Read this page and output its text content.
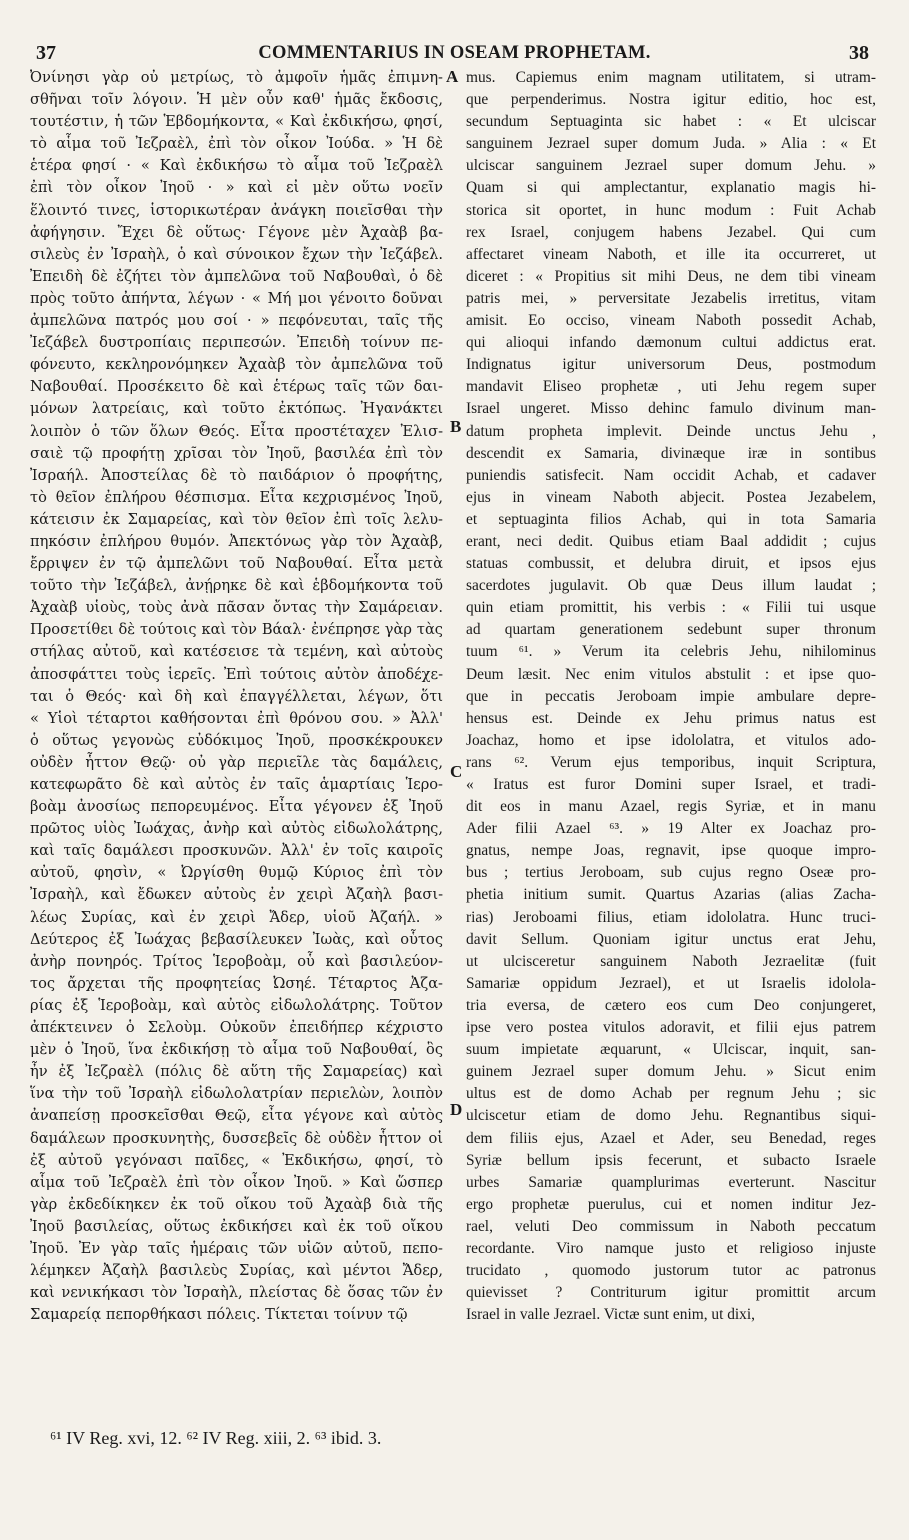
37	COMMENTARIUS IN OSEAM PROPHETAM.	38
Ὀνίνησι γὰρ οὐ μετρίως, τὸ ἀμφοῖν ἡμᾶς ἐπιμνη-
σθῆναι τοῖν λόγοιν. Ἡ μὲν οὖν καθ' ἡμᾶς ἔκδοσις,
τουτέστιν, ἡ τῶν Ἑβδομήκοντα, « Καὶ ἐκδικήσω, φησί,
τὸ αἷμα τοῦ Ἰεζραὲλ, ἐπὶ τὸν οἶκον Ἰούδα. » Ἡ δὲ
ἑτέρα φησί · « Καὶ ἐκδικήσω τὸ αἷμα τοῦ Ἰεζραὲλ
ἐπὶ τὸν οἶκον Ἰηοῦ · » καὶ εἰ μὲν οὕτω νοεῖν
ἕλοιντό τινες, ἱστορικωτέραν ἀνάγκη ποιεῖσθαι τὴν
ἀφήγησιν. Ἔχει δὲ οὕτως· Γέγονε μὲν Ἀχαὰβ βα-
σιλεὺς ἐν Ἰσραὴλ, ὁ καὶ σύνοικον ἔχων τὴν Ἰεζάβελ.
Ἐπειδὴ δὲ ἐζήτει τὸν ἀμπελῶνα τοῦ Ναβουθαὶ, ὁ δὲ
πρὸς τοῦτο ἀπήντα, λέγων · « Μή μοι γένοιτο δοῦναι
ἀμπελῶνα πατρός μου σοί · » πεφόνευται, ταῖς τῆς
Ἰεζάβελ δυστροπίαις περιπεσών. Ἐπειδὴ τοίνυν πε-
φόνευτο, κεκληρονόμηκεν Ἀχαὰβ τὸν ἀμπελῶνα τοῦ
Ναβουθαί. Προσέκειτο δὲ καὶ ἑτέρως ταῖς τῶν δαι-
μόνων λατρείαις, καὶ τοῦτο ἐκτόπως. Ἠγανάκτει
λοιπὸν ὁ τῶν ὅλων Θεός. Εἶτα προστέταχεν Ἐλισ-
σαιὲ τῷ προφήτῃ χρῖσαι τὸν Ἰηοῦ, βασιλέα ἐπὶ τὸν
Ἰσραήλ. Ἀποστείλας δὲ τὸ παιδάριον ὁ προφήτης,
τὸ θεῖον ἐπλήρου θέσπισμα. Εἶτα κεχρισμένος Ἰηοῦ,
κάτεισιν ἐκ Σαμαρείας, καὶ τὸν θεῖον ἐπὶ τοῖς λελυ-
πηκόσιν ἐπλήρου θυμόν. Ἀπεκτόνως γὰρ τὸν Ἀχαὰβ,
ἔρριψεν ἐν τῷ ἀμπελῶνι τοῦ Ναβουθαί. Εἶτα μετὰ
τοῦτο τὴν Ἰεζάβελ, ἀνῄρηκε δὲ καὶ ἑβδομήκοντα τοῦ
Ἀχαὰβ υἱοὺς, τοὺς ἀνὰ πᾶσαν ὄντας τὴν Σαμάρειαν.
Προσετίθει δὲ τούτοις καὶ τὸν Βάαλ· ἐνέπρησε γὰρ τὰς
στήλας αὐτοῦ, καὶ κατέσεισε τὰ τεμένη, καὶ αὐτοὺς
ἀποσφάττει τοὺς ἱερεῖς. Ἐπὶ τούτοις αὐτὸν ἀποδέχε-
ται ὁ Θεός· καὶ δὴ καὶ ἐπαγγέλλεται, λέγων, ὅτι
« Υἱοὶ τέταρτοι καθήσονται ἐπὶ θρόνου σου. » Ἀλλ'
ὁ οὕτως γεγονὼς εὐδόκιμος Ἰηοῦ, προσκέκρουκεν
οὐδὲν ἧττον Θεῷ· οὐ γὰρ περιεῖλε τὰς δαμάλεις,
κατεφωρᾶτο δὲ καὶ αὐτὸς ἐν ταῖς ἁμαρτίαις Ἱερο-
βοὰμ ἀνοσίως πεπορευμένος. Εἶτα γέγονεν ἐξ Ἰηοῦ
πρῶτος υἱὸς Ἰωάχας, ἀνὴρ καὶ αὐτὸς εἰδωλολάτρης,
καὶ ταῖς δαμάλεσι προσκυνῶν. Ἀλλ' ἐν τοῖς καιροῖς
αὐτοῦ, φησὶν, « Ὠργίσθη θυμῷ Κύριος ἐπὶ τὸν
Ἰσραὴλ, καὶ ἔδωκεν αὐτοὺς ἐν χειρὶ Ἀζαὴλ βασι-
λέως Συρίας, καὶ ἐν χειρὶ Ἄδερ, υἱοῦ Ἀζαήλ. »
Δεύτερος ἐξ Ἰωάχας βεβασίλευκεν Ἰωὰς, καὶ οὗτος
ἀνὴρ πονηρός. Τρίτος Ἱεροβοὰμ, οὗ καὶ βασιλεύον-
τος ἄρχεται τῆς προφητείας Ὠσηέ. Τέταρτος Ἀζα-
ρίας ἐξ Ἱεροβοὰμ, καὶ αὐτὸς εἰδωλολάτρης. Τοῦτον
ἀπέκτεινεν ὁ Σελοὺμ. Οὐκοῦν ἐπειδήπερ κέχριστο
μὲν ὁ Ἰηοῦ, ἵνα ἐκδικήσῃ τὸ αἷμα τοῦ Ναβουθαί, ὃς
ἦν ἐξ Ἰεζραὲλ (πόλις δὲ αὕτη τῆς Σαμαρείας) καὶ
ἵνα τὴν τοῦ Ἰσραὴλ εἰδωλολατρίαν περιελὼν, λοιπὸν
ἀναπείσῃ προσκεῖσθαι Θεῷ, εἶτα γέγονε καὶ αὐτὸς
δαμάλεων προσκυνητὴς, δυσσεβεῖς δὲ οὐδὲν ἧττον οἱ
ἐξ αὐτοῦ γεγόνασι παῖδες, « Ἐκδικήσω, φησί, τὸ
αἷμα τοῦ Ἰεζραὲλ ἐπὶ τὸν οἶκον Ἰηοῦ. » Καὶ ὥσπερ
γὰρ ἐκδεδίκηκεν ἐκ τοῦ οἴκου τοῦ Ἀχαὰβ διὰ τῆς
Ἰηοῦ βασιλείας, οὕτως ἐκδικήσει καὶ ἐκ τοῦ οἴκου
Ἰηοῦ. Ἐν γὰρ ταῖς ἡμέραις τῶν υἱῶν αὐτοῦ, πεπο-
λέμηκεν Ἀζαὴλ βασιλεὺς Συρίας, καὶ μέντοι Ἄδερ,
καὶ νενικήκασι τὸν Ἰσραὴλ, πλείστας δὲ ὅσας τῶν ἐν
Σαμαρείᾳ πεπορθήκασι πόλεις. Τίκτεται τοίνυν τῷ
mus. Capiemus enim magnam utilitatem, si utram-
que perpenderimus. Nostra igitur editio, hoc est,
secundum Septuaginta sic habet : « Et ulciscar
sanguinem Jezrael super domum Juda. » Alia : « Et
ulciscar sanguinem Jezrael super domum Jehu. »
Quam si qui amplectantur, explanatio magis hi-
storica sit oportet, in hunc modum : Fuit Achab
rex Israel, conjugem habens Jezabel. Qui cum
affectaret vineam Naboth, et ille ita occurreret, ut
diceret : « Propitius sit mihi Deus, ne dem tibi vineam
patris mei, » perversitate Jezabelis irretitus, vitam
amisit. Eo occiso, vineam Naboth possedit Achab,
qui alioqui infando dæmonum cultui addictus erat.
Indignatus igitur universorum Deus, postmodum
mandavit Eliseo prophetæ , uti Jehu regem super
Israel ungeret. Misso dehinc famulo divinum man-
datum propheta implevit. Deinde unctus Jehu ,
descendit ex Samaria, divinæque iræ in sontibus
puniendis satisfecit. Nam occidit Achab, et cadaver
ejus in vineam Naboth abjecit. Postea Jezabelem,
et septuaginta filios Achab, qui in tota Samaria
erant, neci dedit. Quibus etiam Baal addidit ; cujus
statuas combussit, et delubra diruit, et ipsos ejus
sacerdotes jugulavit. Ob quæ Deus illum laudat ;
quin etiam promittit, his verbis : « Filii tui usque
ad quartam generationem sedebunt super thronum
tuum ⁶¹. » Verum ita celebris Jehu, nihilominus
Deum læsit. Nec enim vitulos abstulit : et ipse quo-
que in peccatis Jeroboam impie ambulare depre-
hensus est. Deinde ex Jehu primus natus est
Joachaz, homo et ipse idololatra, et vitulos ado-
rans ⁶². Verum ejus temporibus, inquit Scriptura,
« Iratus est furor Domini super Israel, et tradi-
dit eos in manu Azael, regis Syriæ, et in manu
Ader filii Azael ⁶³. » 19 Alter ex Joachaz pro-
gnatus, nempe Joas, regnavit, ipse quoque impro-
bus ; tertius Jeroboam, sub cujus regno Oseæ pro-
phetia initium sumit. Quartus Azarias (alias Zacha-
rias) Jeroboami filius, etiam idololatra. Hunc truci-
davit Sellum. Quoniam igitur unctus erat Jehu,
ut ulcisceretur sanguinem Naboth Jezraelitæ (fuit
Samariæ oppidum Jezrael), et ut Israelis idolola-
tria eversa, de cætero eos cum Deo conjungeret,
ipse vero postea vitulos adoravit, et filii ejus patrem
suum impietate æquarunt, « Ulciscar, inquit, san-
guinem Jezrael super domum Jehu. » Sicut enim
ultus est de domo Achab per regnum Jehu ; sic
ulciscetur etiam de domo Jehu. Regnantibus siqui-
dem filiis ejus, Azael et Ader, seu Benedad, reges
Syriæ bellum ipsis fecerunt, et subacto Israele
urbes Samariæ quamplurimas everterunt. Nascitur
ergo prophetæ puerulus, cui et nomen inditur Jez-
rael, veluti Deo commissum in Naboth peccatum
recordante. Viro namque justo et religioso injuste
trucidato , quomodo justorum tutor ac patronus
quievisset ? Contriturum igitur promittit arcum
Israel in valle Jezrael. Victæ sunt enim, ut dixi,
A
B
C
D
⁶¹ IV Reg. xvi, 12. ⁶² IV Reg. xiii, 2. ⁶³ ibid. 3.
